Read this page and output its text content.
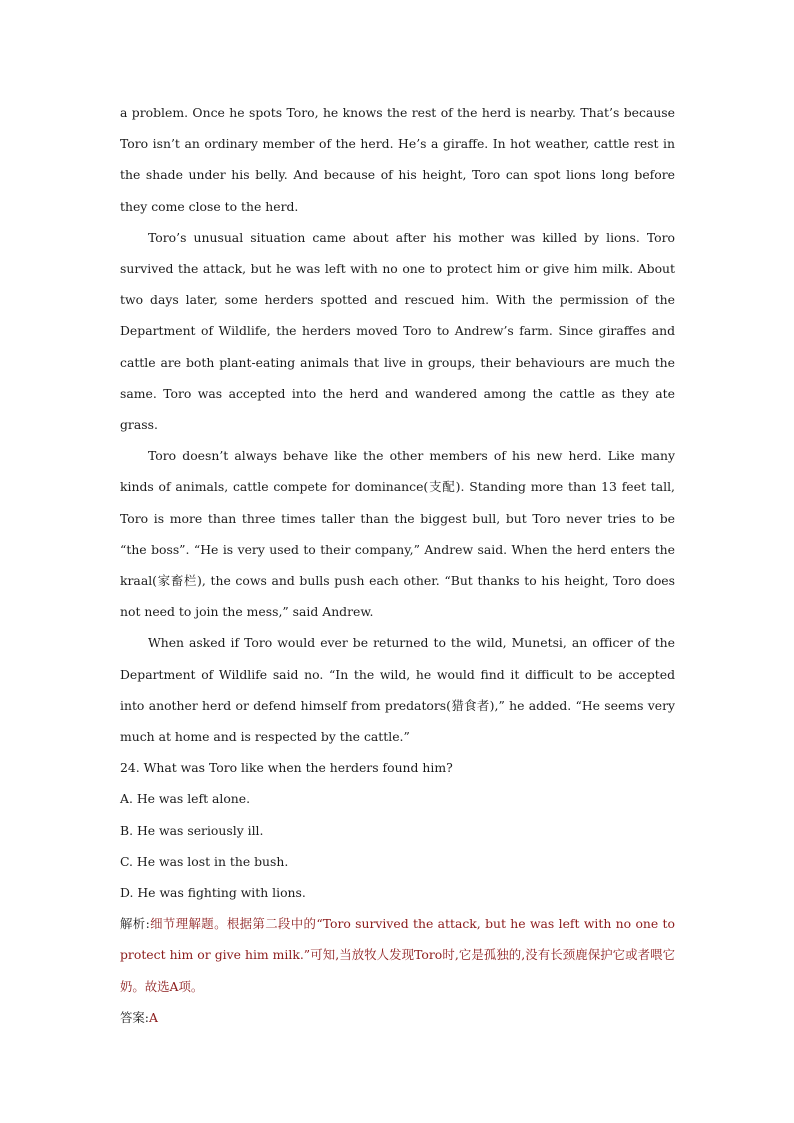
a problem. Once he spots Toro, he knows the rest of the herd is nearby. That’s because Toro isn’t an ordinary member of the herd. He’s a giraffe. In hot weather, cattle rest in the shade under his belly. And because of his height, Toro can spot lions long before they come close to the herd.

Toro’s unusual situation came about after his mother was killed by lions. Toro survived the attack, but he was left with no one to protect him or give him milk. About two days later, some herders spotted and rescued him. With the permission of the Department of Wildlife, the herders moved Toro to Andrew’s farm. Since giraffes and cattle are both plant-eating animals that live in groups, their behaviours are much the same. Toro was accepted into the herd and wandered among the cattle as they ate grass.

Toro doesn’t always behave like the other members of his new herd. Like many kinds of animals, cattle compete for dominance(支配). Standing more than 13 feet tall, Toro is more than three times taller than the biggest bull, but Toro never tries to be “the boss”. “He is very used to their company,” Andrew said. When the herd enters the kraal(家畜栏), the cows and bulls push each other. “But thanks to his height, Toro does not need to join the mess,” said Andrew.

When asked if Toro would ever be returned to the wild, Munetsi, an officer of the Department of Wildlife said no. “In the wild, he would find it difficult to be accepted into another herd or defend himself from predators(猎食者),” he added. “He seems very much at home and is respected by the cattle.”

24. What was Toro like when the herders found him?

A. He was left alone.

B. He was seriously ill.

C. He was lost in the bush.

D. He was fighting with lions.

解析:细节理解题。根据第二段中的“Toro survived the attack, but he was left with no one to protect him or give him milk.”可知,当放牧人发现Toro时,它是孤独的,没有长颈鹿保护它或者喂它奶。故选A项。

答案:A
